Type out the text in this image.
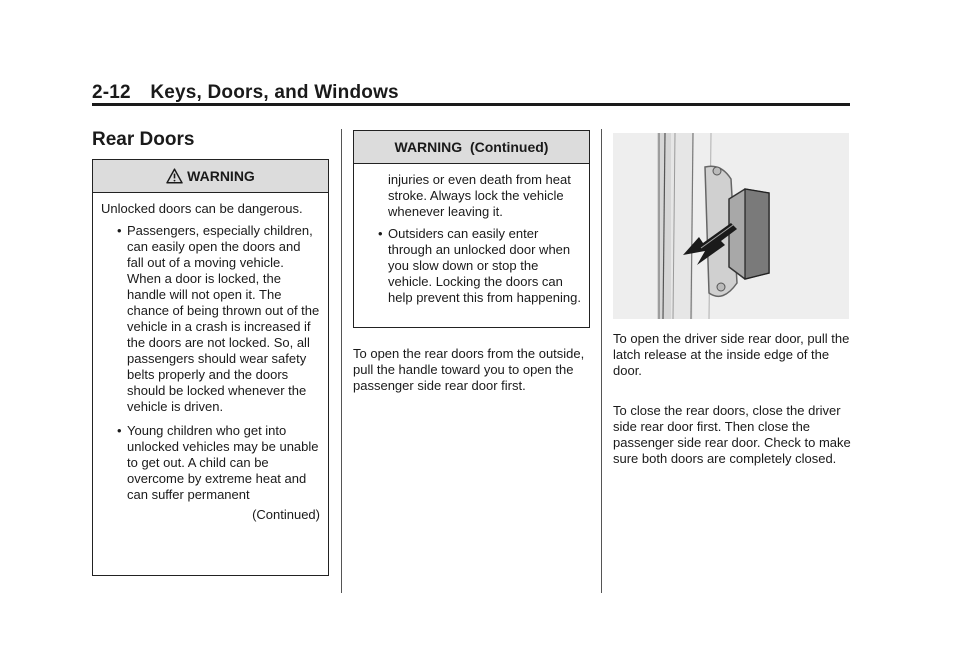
2-12 Keys, Doors, and Windows
Rear Doors
WARNING

Unlocked doors can be dangerous.

• Passengers, especially children, can easily open the doors and fall out of a moving vehicle. When a door is locked, the handle will not open it. The chance of being thrown out of the vehicle in a crash is increased if the doors are not locked. So, all passengers should wear safety belts properly and the doors should be locked whenever the vehicle is driven.
• Young children who get into unlocked vehicles may be unable to get out. A child can be overcome by extreme heat and can suffer permanent
(Continued)
WARNING  (Continued)

injuries or even death from heat stroke. Always lock the vehicle whenever leaving it.

• Outsiders can easily enter through an unlocked door when you slow down or stop the vehicle. Locking the doors can help prevent this from happening.

To open the rear doors from the outside, pull the handle toward you to open the passenger side rear door first.

To open the driver side rear door, pull the latch release at the inside edge of the door.

To close the rear doors, close the driver side rear door first. Then close the passenger side rear door. Check to make sure both doors are completely closed.
